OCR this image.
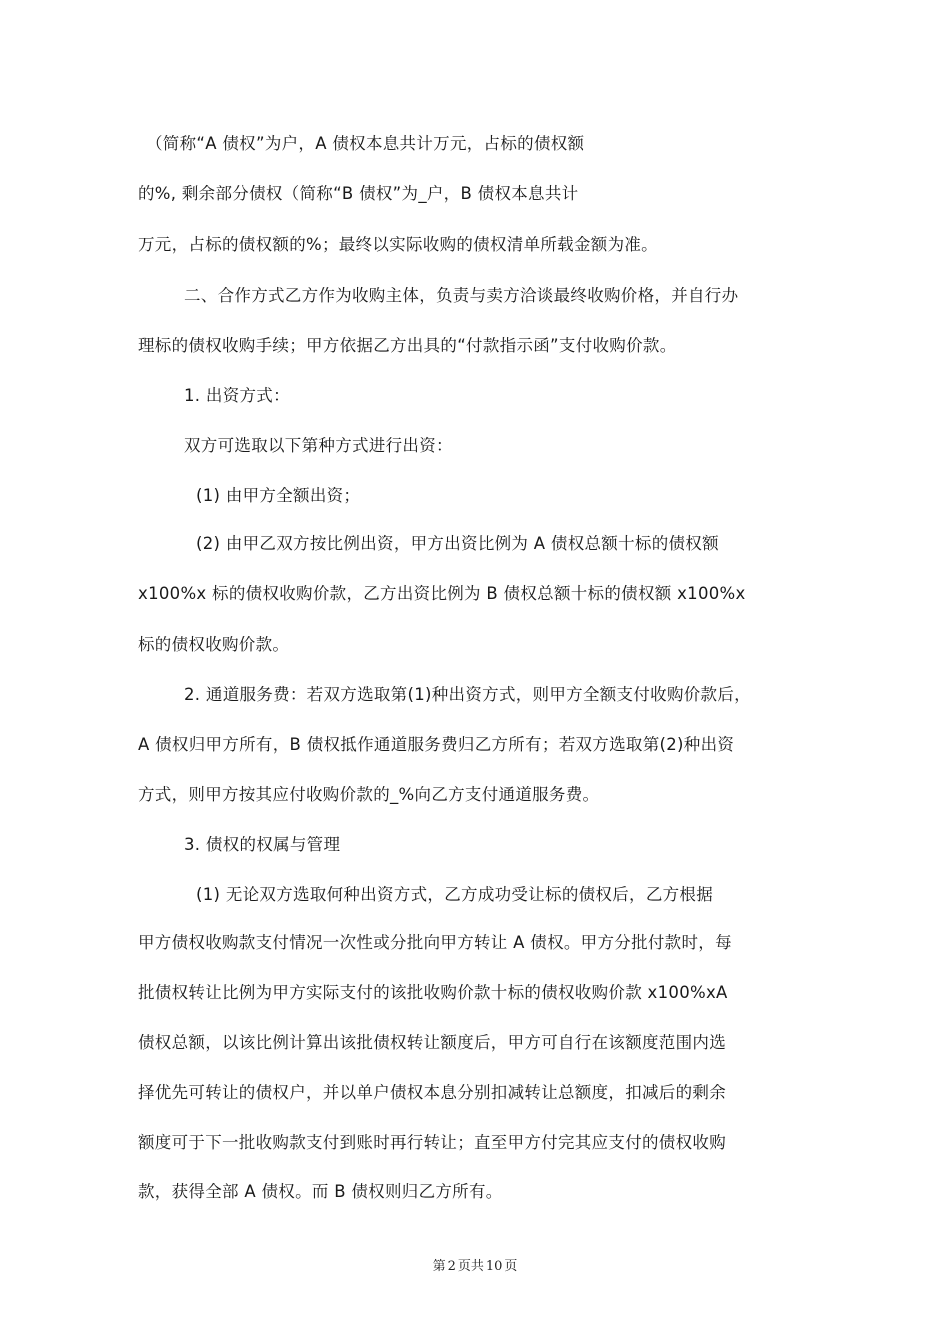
（简称“A 债权”为户，A 债权本息共计万元，占标的债权额
的%, 剩余部分债权（简称“B 债权”为_户，B 债权本息共计
万元，占标的债权额的%；最终以实际收购的债权清单所载金额为准。
二、合作方式乙方作为收购主体，负责与卖方洽谈最终收购价格，并自行办
理标的债权收购手续；甲方依据乙方出具的“付款指示函”支付收购价款。
1. 出资方式：
双方可选取以下第种方式进行出资：
(1) 由甲方全额出资；
(2) 由甲乙双方按比例出资，甲方出资比例为 A 债权总额十标的债权额
x100%x 标的债权收购价款，乙方出资比例为 B 债权总额十标的债权额 x100%x
标的债权收购价款。
2. 通道服务费：若双方选取第(1)种出资方式，则甲方全额支付收购价款后，
A 债权归甲方所有，B 债权抵作通道服务费归乙方所有；若双方选取第(2)种出资
方式，则甲方按其应付收购价款的_%向乙方支付通道服务费。
3. 债权的权属与管理
(1) 无论双方选取何种出资方式，乙方成功受让标的债权后，乙方根据
甲方债权收购款支付情况一次性或分批向甲方转让 A 债权。甲方分批付款时，每
批债权转让比例为甲方实际支付的该批收购价款十标的债权收购价款 x100%xA
债权总额，以该比例计算出该批债权转让额度后，甲方可自行在该额度范围内选
择优先可转让的债权户，并以单户债权本息分别扣减转让总额度，扣减后的剩余
额度可于下一批收购款支付到账时再行转让；直至甲方付完其应支付的债权收购
款，获得全部 A 债权。而 B 债权则归乙方所有。
第 2 页共 10 页
